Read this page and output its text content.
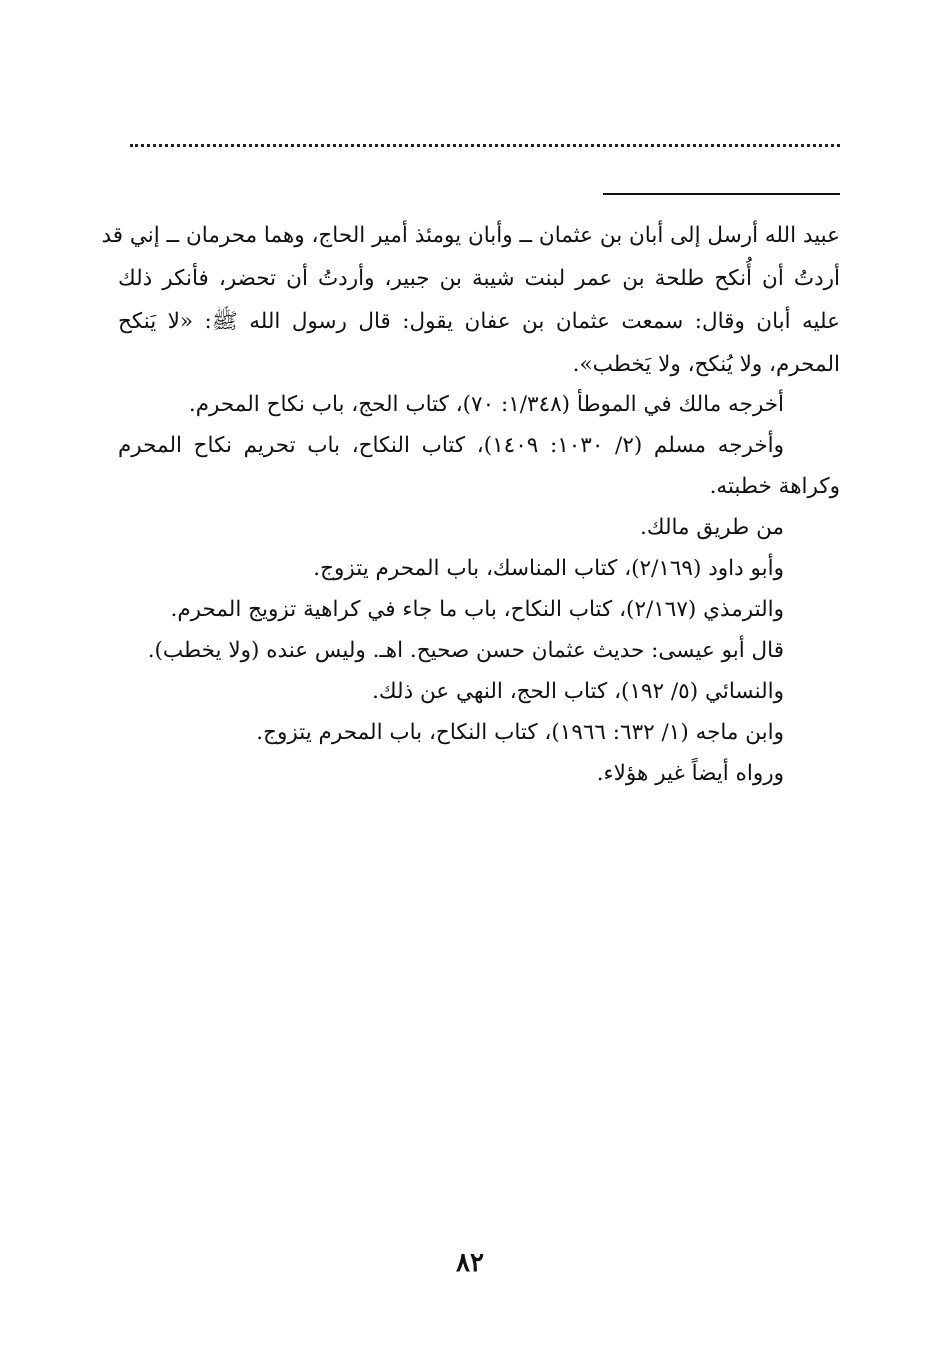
عبيد الله أرسل إلى أبان بن عثمان ــ وأبان يومئذ أمير الحاج، وهما محرمان ــ إني قد
أردتُ أن أُنكح طلحة بن عمر لبنت شيبة بن جبير، وأردتُ أن تحضر، فأنكر ذلك
عليه أبان وقال: سمعت عثمان بن عفان يقول: قال رسول الله ﷺ: «لا يَنكح
المحرم، ولا يُنكح، ولا يَخطب».
أخرجه مالك في الموطأ (١/٣٤٨: ٧٠)، كتاب الحج، باب نكاح المحرم.
وأخرجه مسلم (٢/ ١٠٣٠: ١٤٠٩)، كتاب النكاح، باب تحريم نكاح المحرم
وكراهة خطبته.
من طريق مالك.
وأبو داود (٢/١٦٩)، كتاب المناسك، باب المحرم يتزوج.
والترمذي (٢/١٦٧)، كتاب النكاح، باب ما جاء في كراهية تزويج المحرم.
قال أبو عيسى: حديث عثمان حسن صحيح. اهـ. وليس عنده (ولا يخطب).
والنسائي (٥/ ١٩٢)، كتاب الحج، النهي عن ذلك.
وابن ماجه (١/ ٦٣٢: ١٩٦٦)، كتاب النكاح، باب المحرم يتزوج.
ورواه أيضاً غير هؤلاء.
٨٢
